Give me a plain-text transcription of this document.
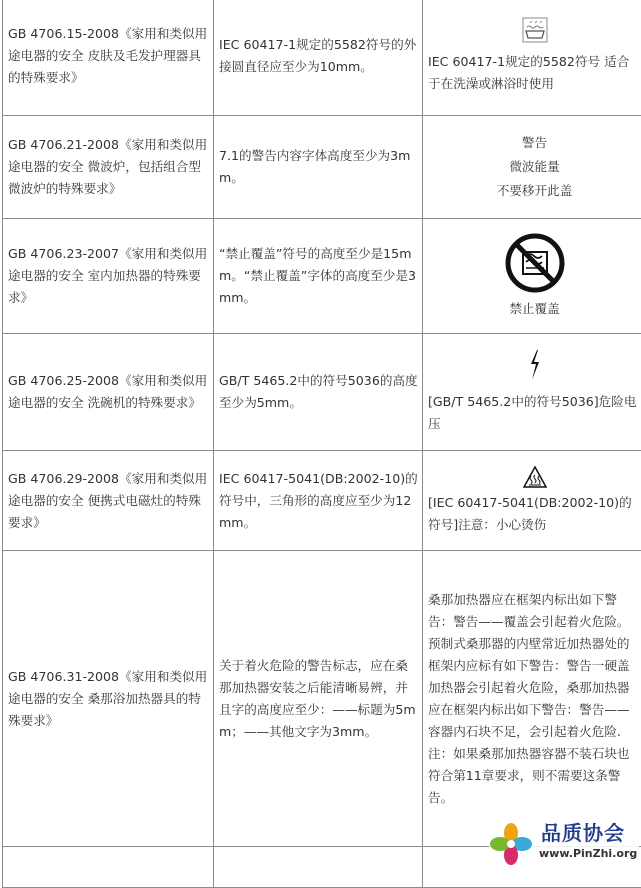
GB 4706.15-2008《家用和类似用途电器的安全 皮肤及毛发护理器具的特殊要求》	IEC 60417-1规定的5582符号的外接圆直径应至少为10mm。	IEC 60417-1规定的5582符号 适合于在洗澡或淋浴时使用

GB 4706.21-2008《家用和类似用途电器的安全 微波炉，包括组合型微波炉的特殊要求》	7.1的警告内容字体高度至少为3mm。	警告
微波能量
不要移开此盖

GB 4706.23-2007《家用和类似用途电器的安全 室内加热器的特殊要求》	“禁止覆盖”符号的高度至少是15mm。“禁止覆盖”字体的高度至少是3mm。	禁止覆盖

GB 4706.25-2008《家用和类似用途电器的安全 洗碗机的特殊要求》	GB/T 5465.2中的符号5036的高度至少为5mm。	[GB/T 5465.2中的符号5036]危险电压

GB 4706.29-2008《家用和类似用途电器的安全 便携式电磁灶的特殊要求》	IEC 60417-5041(DB:2002-10)的符号中，三角形的高度应至少为12mm。	[IEC 60417-5041(DB:2002-10)的符号]注意：小心烫伤

GB 4706.31-2008《家用和类似用途电器的安全 桑那浴加热器具的特殊要求》	关于着火危险的警告标志，应在桑那加热器安装之后能清晰易辨，并且字的高度应至少：——标题为5mm；——其他文字为3mm。	桑那加热器应在框架内标出如下警告：警告——覆盖会引起着火危险。预制式桑那器的内壁常近加热器处的框架内应标有如下警告：警告一硬盖加热器会引起着火危险，桑那加热器应在框架内标出如下警告：警告——容器内石块不足，会引起着火危险.注：如果桑那加热器容器不装石块也符合第11章要求，则不需要这条警告。

品质协会
www.PinZhi.org
